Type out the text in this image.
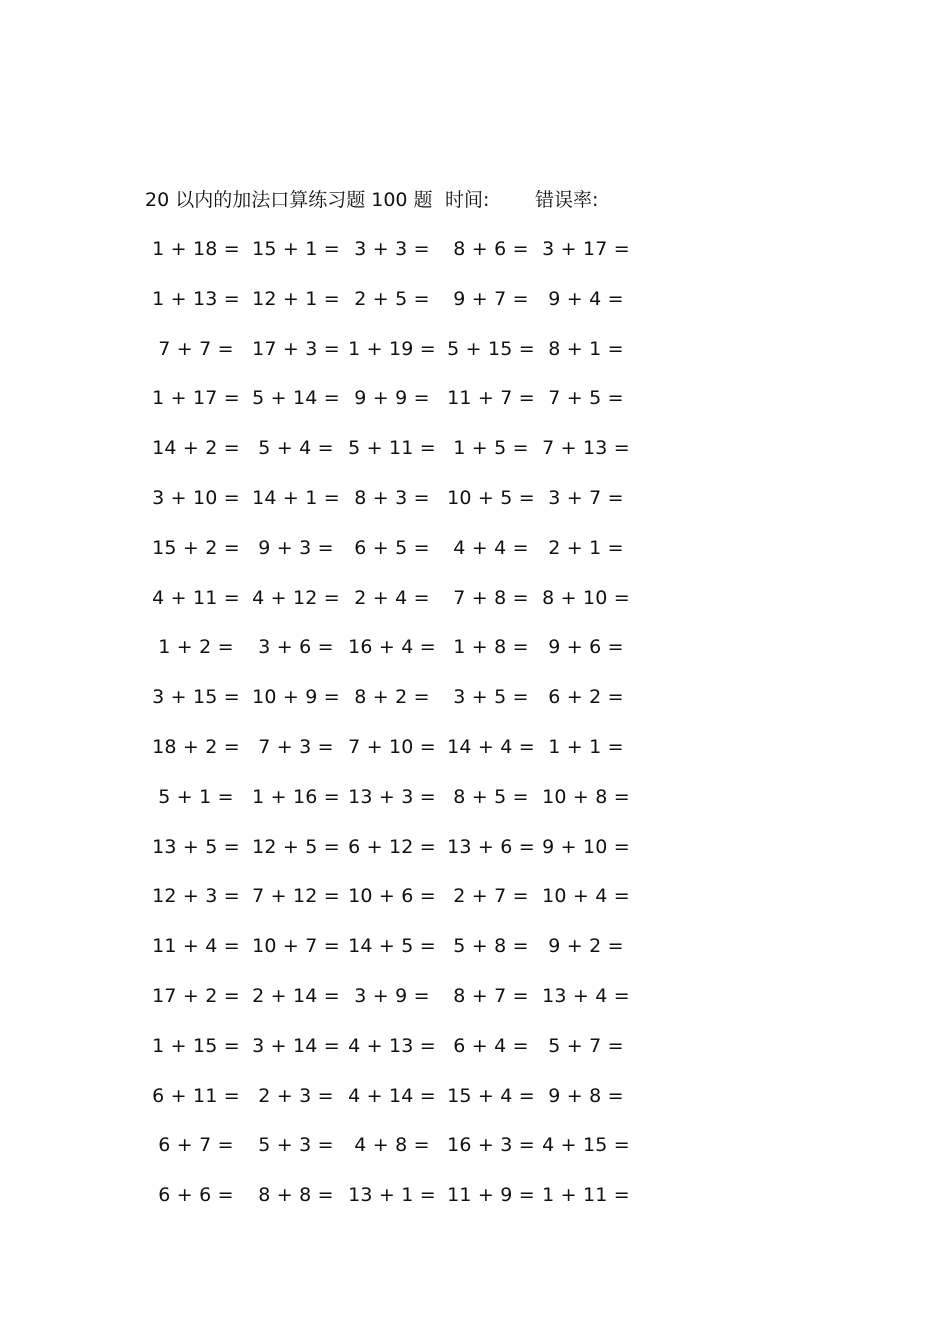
20 以内的加法口算练习题 100 题 时间: 错误率:
1 + 18 = 15 + 1 = 3 + 3 =	8 + 6 = 3 + 17 =
1 + 13 = 12 + 1 = 2 + 5 =	9 + 7 =	9 + 4 =
7 + 7 = 17 + 3 = 1 + 19 = 5 + 15 = 8 + 1 =
1 + 17 = 5 + 14 = 9 + 9 = 11 + 7 = 7 + 5 =
14 + 2 = 5 + 4 = 5 + 11 = 1 + 5 = 7 + 13 =
3 + 10 = 14 + 1 = 8 + 3 = 10 + 5 = 3 + 7 =
15 + 2 = 9 + 3 =	6 + 5 =	4 + 4 =	2 + 1 =
4 + 11 = 4 + 12 = 2 + 4 =	7 + 8 = 8 + 10 =
1 + 2 =	3 + 6 = 16 + 4 = 1 + 8 =	9 + 6 =
3 + 15 = 10 + 9 = 8 + 2 =	3 + 5 =	6 + 2 =
18 + 2 = 7 + 3 = 7 + 10 = 14 + 4 = 1 + 1 =
5 + 1 = 1 + 16 = 13 + 3 = 8 + 5 = 10 + 8 =
13 + 5 = 12 + 5 = 6 + 12 = 13 + 6 = 9 + 10 =
12 + 3 = 7 + 12 = 10 + 6 = 2 + 7 = 10 + 4 =
11 + 4 = 10 + 7 = 14 + 5 = 5 + 8 =	9 + 2 =
17 + 2 = 2 + 14 = 3 + 9 =	8 + 7 = 13 + 4 =
1 + 15 = 3 + 14 = 4 + 13 = 6 + 4 =	5 + 7 =
6 + 11 = 2 + 3 = 4 + 14 = 15 + 4 = 9 + 8 =
6 + 7 =	5 + 3 =	4 + 8 = 16 + 3 = 4 + 15 =
6 + 6 =	8 + 8 = 13 + 1 = 11 + 9 = 1 + 11 =
